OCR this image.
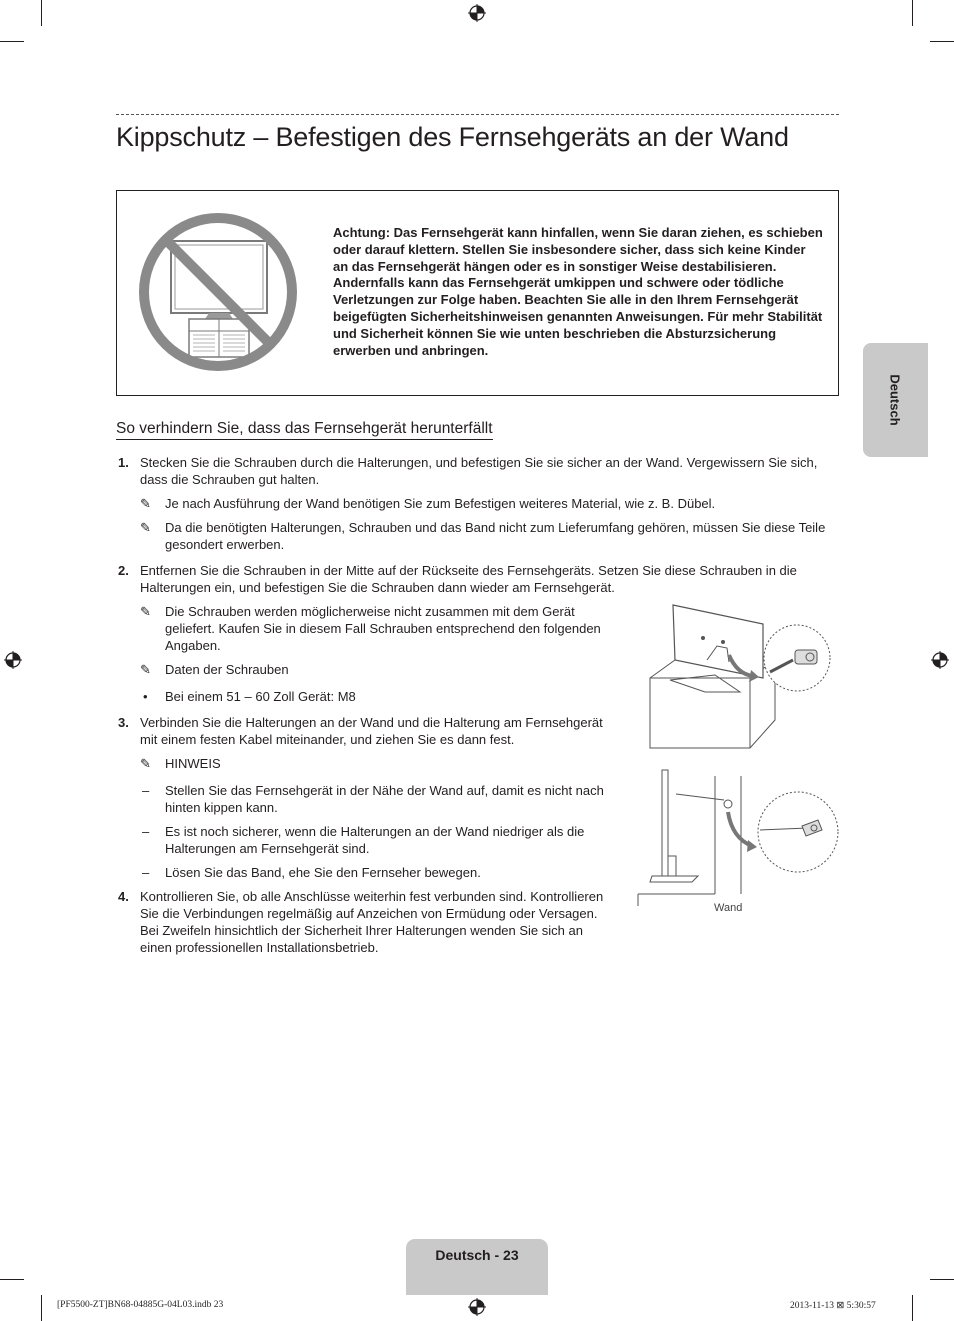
Kippschutz – Befestigen des Fernsehgeräts an der Wand
Achtung: Das Fernsehgerät kann hinfallen, wenn Sie daran ziehen, es schieben oder darauf klettern. Stellen Sie insbesondere sicher, dass sich keine Kinder an das Fernsehgerät hängen oder es in sonstiger Weise destabilisieren. Andernfalls kann das Fernsehgerät umkippen und schwere oder tödliche Verletzungen zur Folge haben. Beachten Sie alle in den Ihrem Fernsehgerät beigefügten Sicherheitshinweisen genannten Anweisungen. Für mehr Stabilität und Sicherheit können Sie wie unten beschrieben die Absturzsicherung erwerben und anbringen.
Deutsch
So verhindern Sie, dass das Fernsehgerät herunterfällt
1. Stecken Sie die Schrauben durch die Halterungen, und befestigen Sie sie sicher an der Wand. Vergewissern Sie sich, dass die Schrauben gut halten.
✎ Je nach Ausführung der Wand benötigen Sie zum Befestigen weiteres Material, wie z. B. Dübel.
✎ Da die benötigten Halterungen, Schrauben und das Band nicht zum Lieferumfang gehören, müssen Sie diese Teile gesondert erwerben.
2. Entfernen Sie die Schrauben in der Mitte auf der Rückseite des Fernsehgeräts. Setzen Sie diese Schrauben in die Halterungen ein, und befestigen Sie die Schrauben dann wieder am Fernsehgerät.
✎ Die Schrauben werden möglicherweise nicht zusammen mit dem Gerät geliefert. Kaufen Sie in diesem Fall Schrauben entsprechend den folgenden Angaben.
✎ Daten der Schrauben
• Bei einem 51 – 60 Zoll Gerät: M8
3. Verbinden Sie die Halterungen an der Wand und die Halterung am Fernsehgerät mit einem festen Kabel miteinander, und ziehen Sie es dann fest.
✎ HINWEIS
– Stellen Sie das Fernsehgerät in der Nähe der Wand auf, damit es nicht nach hinten kippen kann.
– Es ist noch sicherer, wenn die Halterungen an der Wand niedriger als die Halterungen am Fernsehgerät sind.
– Lösen Sie das Band, ehe Sie den Fernseher bewegen.
4. Kontrollieren Sie, ob alle Anschlüsse weiterhin fest verbunden sind. Kontrollieren Sie die Verbindungen regelmäßig auf Anzeichen von Ermüdung oder Versagen. Bei Zweifeln hinsichtlich der Sicherheit Ihrer Halterungen wenden Sie sich an einen professionellen Installationsbetrieb.
Wand
Deutsch - 23
[PF5500-ZT]BN68-04885G-04L03.indb 23	2013-11-13 ⊠ 5:30:57
